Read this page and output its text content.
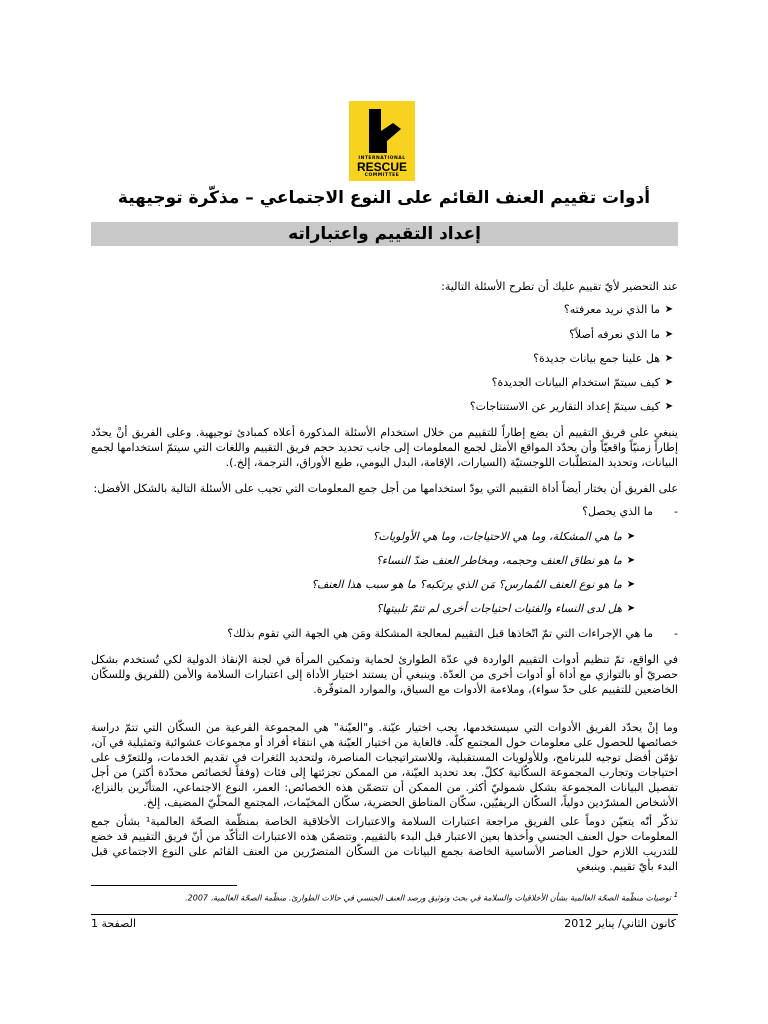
INTERNATIONAL
RESCUE
COMMITTEE
أدوات تقييم العنف القائم على النوع الاجتماعي – مذكّرة توجيهية
إعداد التقييم واعتباراته
عند التحضير لأيّ تقييم عليك أن تطرح الأسئلة التالية:
➤
ما الذي نريد معرفته؟
➤
ما الذي نعرفه أصلاً؟
➤
هل علينا جمع بيانات جديدة؟
➤
كيف سيتمّ استخدام البيانات الجديدة؟
➤
كيف سيتمّ إعداد التقارير عن الاستنتاجات؟
ينبغي على فريق التقييم أن يضع إطاراً للتقييم من خلال استخدام الأسئلة المذكورة أعلاه كمبادئ توجيهية. وعلى الفريق أنْ يحدّد إطاراً زمنيّاً واقعيّاً وأن يحدّد المواقع الأمثل لجمع المعلومات إلى جانب تحديد حجم فريق التقييم واللغات التي سيتمّ استخدامها لجمع البيانات، وتحديد المتطلّبات اللوجستيّة (السيارات، الإقامة، البدل اليومي، طبع الأوراق، الترجمة، إلخ.).
على الفريق أن يختار أيضاً أداة التقييم التي يودّ استخدامها من أجل جمع المعلومات التي تجيب على الأسئلة التالية بالشكل الأفضل:
-      ما الذي يحصل؟
➤
ما هي المشكلة، وما هي الاحتياجات، وما هي الأولويات؟
➤
ما هو نطاق العنف وحجمه، ومخاطر العنف ضدّ النساء؟
➤
ما هو نوع العنف المُمارس؟ مَن الذي يرتكبه؟ ما هو سبب هذا العنف؟
➤
هل لدى النساء والفتيات احتياجات أخرى لم تتمّ تلبيتها؟
-      ما هي الإجراءات التي تمّ اتّخاذها قبل التقييم لمعالجة المشكلة ومَن هي الجهة التي تقوم بذلك؟
في الواقع، تمّ تنظيم أدوات التقييم الواردة في عدّة الطوارئ لحماية وتمكين المرأة في لجنة الإنقاذ الدولية لكي تُستخدم بشكل حصريّ أو بالتوازي مع أداة أو أدوات أخرى من العدّة. وينبغي أن يستند اختيار الأداة إلى اعتبارات السلامة والأمن (للفريق وللسكّان الخاضعين للتقييم على حدّ سواء)، وملاءمة الأدوات مع السياق، والموارد المتوفّرة.
وما إنْ يحدّد الفريق الأدوات التي سيستخدمها، يجب اختيار عيّنة. و"العيّنة" هي المجموعة الفرعية من السكّان التي تتمّ دراسة خصائصها للحصول على معلومات حول المجتمع كلّه. فالغاية من اختيار العيّنة هي انتقاء أفراد أو مجموعات عشوائية وتمثيلية في آن، تؤمّن أفضل توجيه للبرنامج، وللأولويات المستقبلية، وللاستراتيجيات المناصرة، ولتحديد الثغرات في تقديم الخدمات، وللتعرّف على احتياجات وتجارب المجموعة السكّانية ككلّ. بعد تحديد العيّنة، من الممكن تجزئتها إلى فئات (وفقاً لخصائص محدّدة أكثر) من أجل تفصيل البيانات المجموعة بشكل شموليّ أكثر. من الممكن أن تتضمّن هذه الخصائص: العمر، النوع الاجتماعي، المتأثّرين بالنزاع، الأشخاص المشرّدين دولياً، السكّان الريفيّين، سكّان المناطق الحضرية، سكّان المخيّمات، المجتمع المحلّيّ المضيف، إلخ.
تذكّر أنّه يتعيّن دوماً على الفريق مراجعة اعتبارات السلامة والاعتبارات الأخلاقية الخاصة بمنظّمة الصحّة العالمية¹ بشأن جمع المعلومات حول العنف الجنسي وأخذها بعين الاعتبار قبل البدء بالتقييم. وتتضمّن هذه الاعتبارات التأكّد من أنّ فريق التقييم قد خضع للتدريب اللازم حول العناصر الأساسية الخاصة بجمع البيانات من السكّان المتضرّرين من العنف القائم على النوع الاجتماعي قبل البدء بأيّ تقييم. وينبغي
$^1$ توصيات منظّمة الصحّة العالمية بشأن الأخلاقيات والسلامة في بحث وتوثيق ورصد العنف الجنسي في حالات الطوارئ. منظّمة الصحّة العالمية، 2007.
كانون الثاني/ يناير 2012
الصفحة 1
